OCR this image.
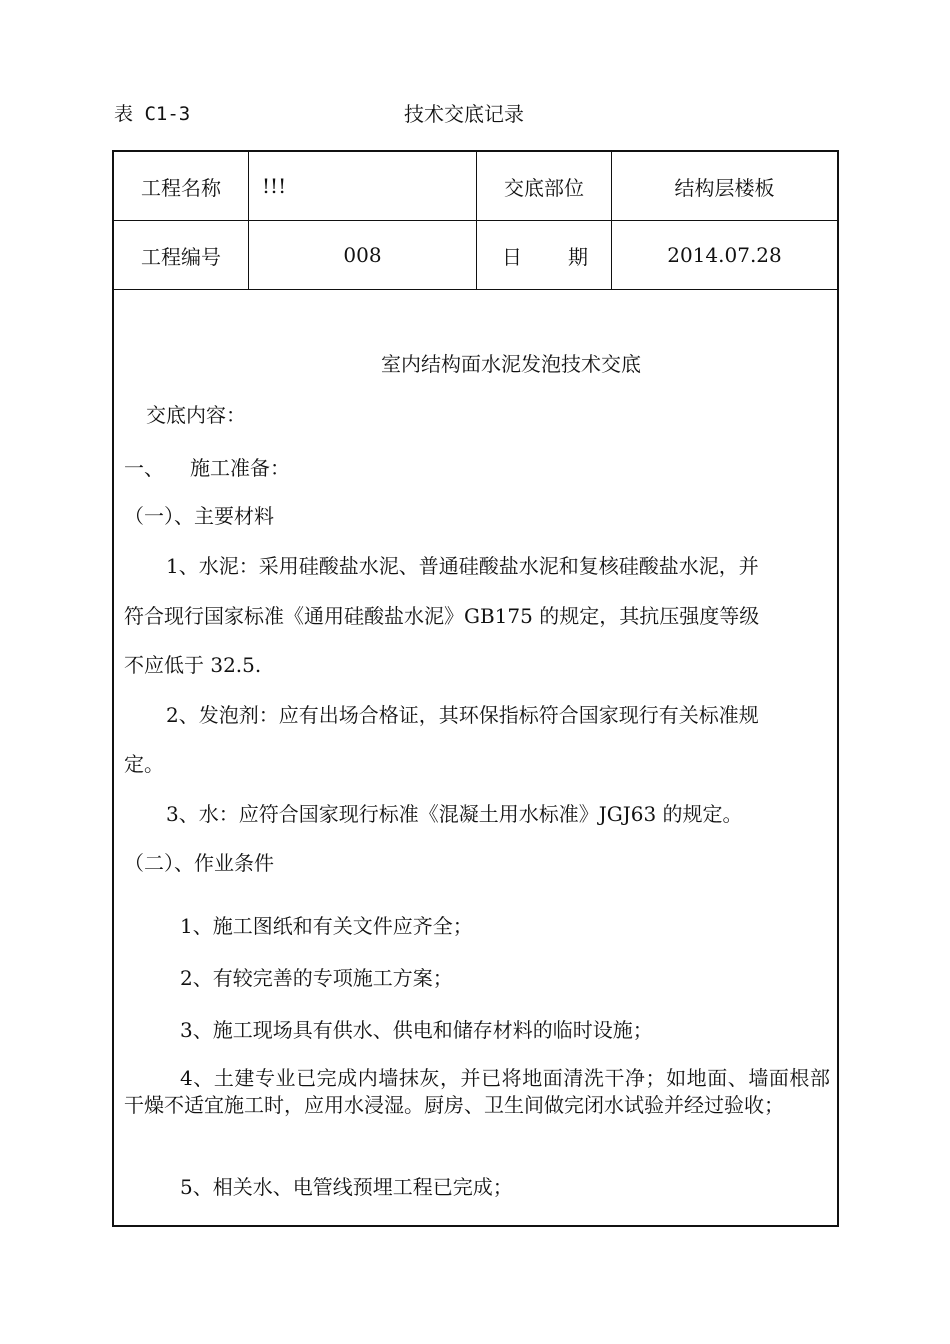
表 C1-3	技术交底记录
工程名称	!!!	交底部位	结构层楼板
工程编号	008	日 期	2014.07.28
室内结构面水泥发泡技术交底
交底内容：
一、 施工准备：
（一）、主要材料
1、水泥：采用硅酸盐水泥、普通硅酸盐水泥和复核硅酸盐水泥，并
符合现行国家标准《通用硅酸盐水泥》GB175 的规定，其抗压强度等级
不应低于 32.5.
2、发泡剂：应有出场合格证，其环保指标符合国家现行有关标准规
定。
3、水：应符合国家现行标准《混凝土用水标准》JGJ63 的规定。
（二）、作业条件
1、施工图纸和有关文件应齐全；
2、有较完善的专项施工方案；
3、施工现场具有供水、供电和储存材料的临时设施；
4、土建专业已完成内墙抹灰，并已将地面清洗干净；如地面、墙面根部干燥不适宜施工时，应用水浸湿。厨房、卫生间做完闭水试验并经过验收；
5、相关水、电管线预埋工程已完成；
